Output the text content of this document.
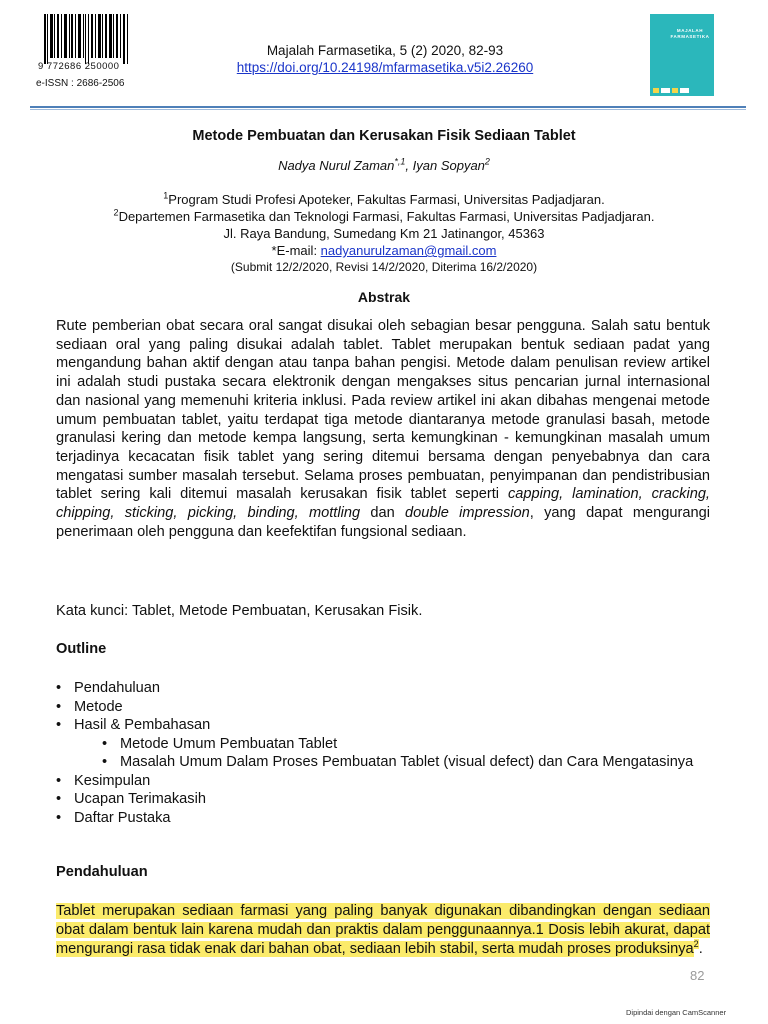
9 772686 250000
e-ISSN : 2686-2506
Majalah Farmasetika, 5 (2) 2020, 82-93
https://doi.org/10.24198/mfarmasetika.v5i2.26260
MAJALAH FARMASETIKA
Metode Pembuatan dan Kerusakan Fisik Sediaan Tablet
Nadya Nurul Zaman$^{*,1}$, Iyan Sopyan$^2$
$^1$Program Studi Profesi Apoteker, Fakultas Farmasi, Universitas Padjadjaran.
$^2$Departemen Farmasetika dan Teknologi Farmasi, Fakultas Farmasi, Universitas Padjadjaran.
Jl. Raya Bandung, Sumedang Km 21 Jatinangor, 45363
*E-mail: nadyanurulzaman@gmail.com
(Submit 12/2/2020, Revisi 14/2/2020, Diterima 16/2/2020)
Abstrak
Rute pemberian obat secara oral sangat disukai oleh sebagian besar pengguna. Salah satu bentuk sediaan oral yang paling disukai adalah tablet. Tablet merupakan bentuk sediaan padat yang mengandung bahan aktif dengan atau tanpa bahan pengisi. Metode dalam penulisan review artikel ini adalah studi pustaka secara elektronik dengan mengakses situs pencarian jurnal internasional dan nasional yang memenuhi kriteria inklusi. Pada review artikel ini akan dibahas mengenai metode umum pembuatan tablet, yaitu terdapat tiga metode diantaranya metode granulasi basah, metode granulasi kering dan metode kempa langsung, serta kemungkinan - kemungkinan masalah umum terjadinya kecacatan fisik tablet yang sering ditemui bersama dengan penyebabnya dan cara mengatasi sumber masalah tersebut. Selama proses pembuatan, penyimpanan dan pendistribusian tablet sering kali ditemui masalah kerusakan fisik tablet seperti capping, lamination, cracking, chipping, sticking, picking, binding, mottling dan double impression, yang dapat mengurangi penerimaan oleh pengguna dan keefektifan fungsional sediaan.
Kata kunci: Tablet, Metode Pembuatan, Kerusakan Fisik.
Outline
• Pendahuluan
• Metode
• Hasil & Pembahasan
• Metode Umum Pembuatan Tablet
• Masalah Umum Dalam Proses Pembuatan Tablet (visual defect) dan Cara Mengatasinya
• Kesimpulan
• Ucapan Terimakasih
• Daftar Pustaka
Pendahuluan
Tablet merupakan sediaan farmasi yang paling banyak digunakan dibandingkan dengan sediaan obat dalam bentuk lain karena mudah dan praktis dalam penggunaannya.1 Dosis lebih akurat, dapat mengurangi rasa tidak enak dari bahan obat, sediaan lebih stabil, serta mudah proses produksinya$^2$.
82
Dipindai dengan CamScanner
